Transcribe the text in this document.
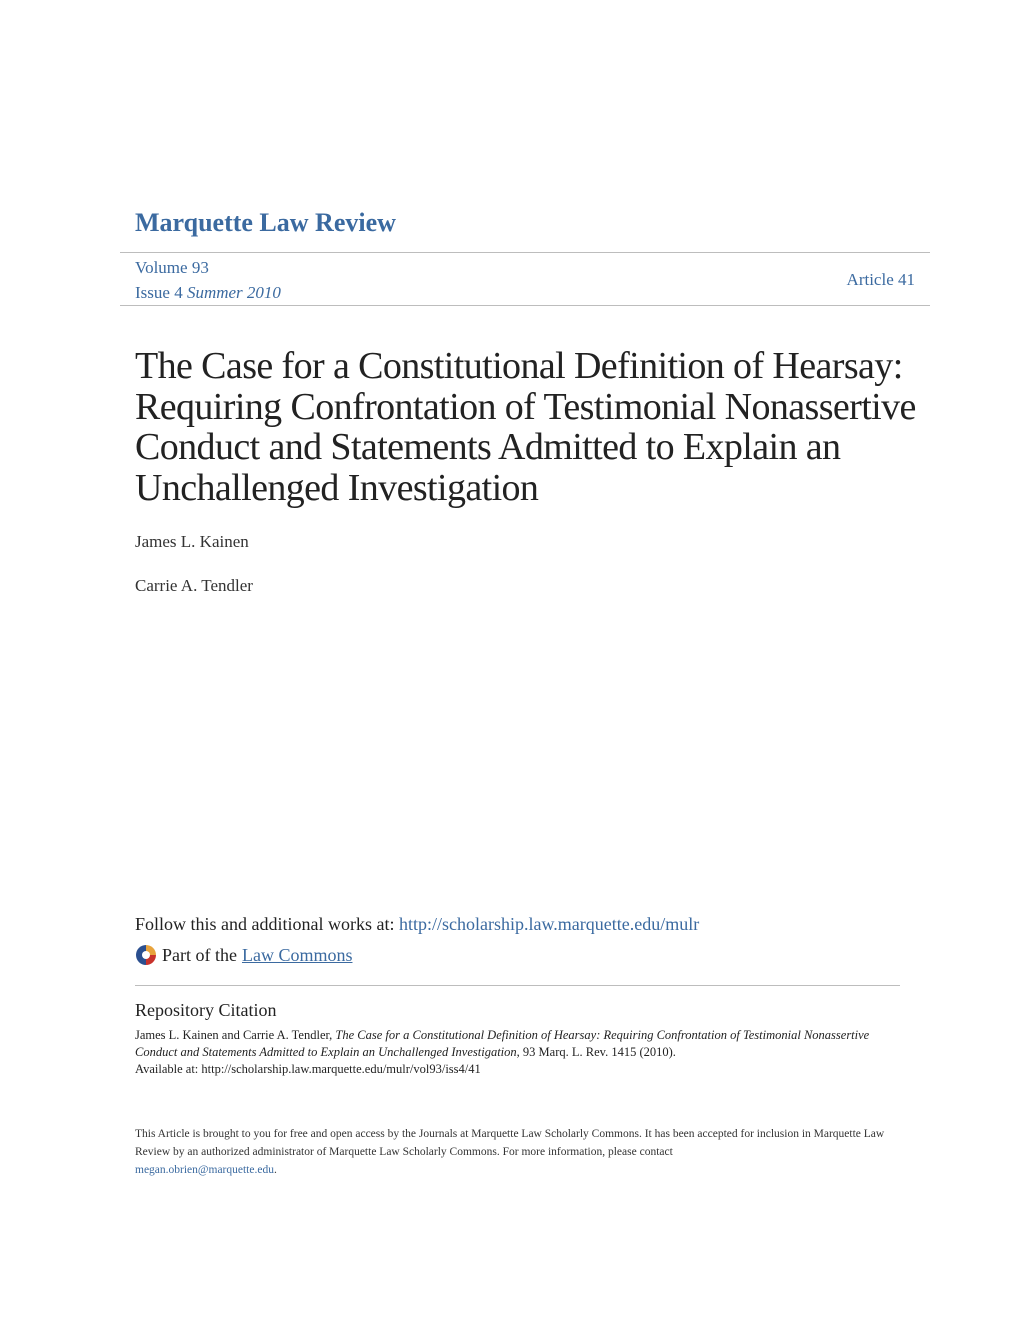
Marquette Law Review
Volume 93
Issue 4 Summer 2010
Article 41
The Case for a Constitutional Definition of Hearsay: Requiring Confrontation of Testimonial Nonassertive Conduct and Statements Admitted to Explain an Unchallenged Investigation
James L. Kainen
Carrie A. Tendler
Follow this and additional works at: http://scholarship.law.marquette.edu/mulr
Part of the Law Commons
Repository Citation
James L. Kainen and Carrie A. Tendler, The Case for a Constitutional Definition of Hearsay: Requiring Confrontation of Testimonial Nonassertive Conduct and Statements Admitted to Explain an Unchallenged Investigation, 93 Marq. L. Rev. 1415 (2010).
Available at: http://scholarship.law.marquette.edu/mulr/vol93/iss4/41
This Article is brought to you for free and open access by the Journals at Marquette Law Scholarly Commons. It has been accepted for inclusion in Marquette Law Review by an authorized administrator of Marquette Law Scholarly Commons. For more information, please contact
megan.obrien@marquette.edu.
